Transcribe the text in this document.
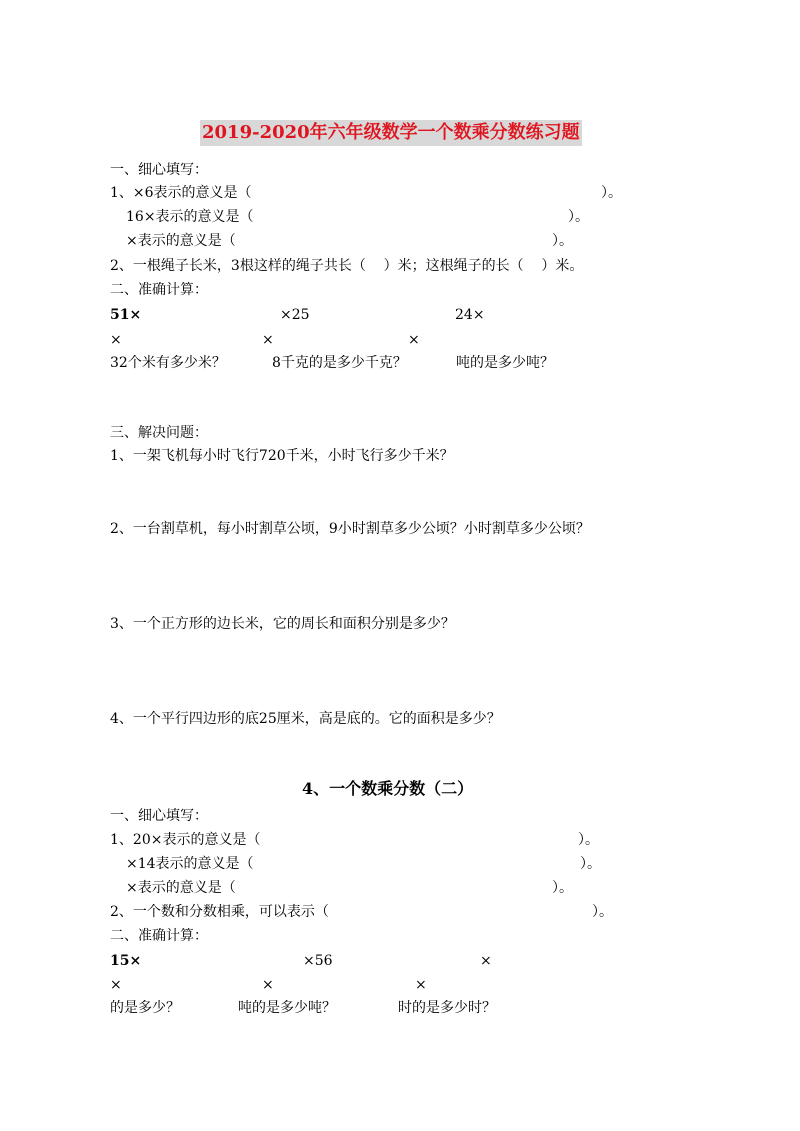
2019-2020年六年级数学一个数乘分数练习题
一、细心填写：
1、×6表示的意义是（	）。
16×表示的意义是（	）。
×表示的意义是（	）。
2、一根绳子长米，3根这样的绳子共长（    ）米；这根绳子的长（    ）米。
二、准确计算：
51×	×25	24×
×	×	×
32个米有多少米？	8千克的是多少千克？	吨的是多少吨？
三、解决问题：
1、一架飞机每小时飞行720千米，小时飞行多少千米？
2、一台割草机，每小时割草公顷，9小时割草多少公顷？小时割草多少公顷？
3、一个正方形的边长米，它的周长和面积分别是多少？
4、一个平行四边形的底25厘米，高是底的。它的面积是多少？
4、一个数乘分数（二）
一、细心填写：
1、20×表示的意义是（	）。
×14表示的意义是（	）。
×表示的意义是（	）。
2、一个数和分数相乘，可以表示（	）。
二、准确计算：
15×	×56	×
×	×	×
的是多少？	吨的是多少吨？	时的是多少时？
